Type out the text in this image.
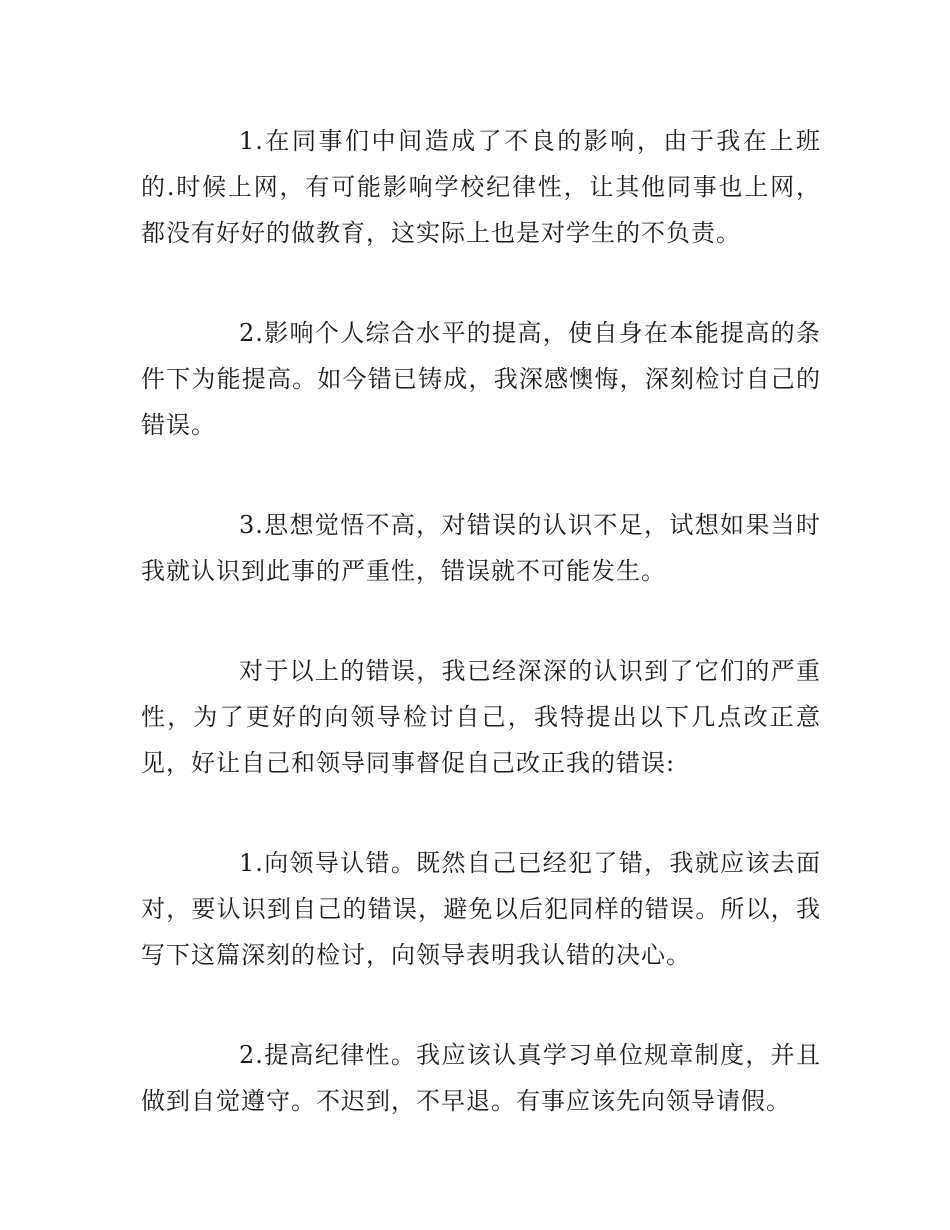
1.在同事们中间造成了不良的影响，由于我在上班的.时候上网，有可能影响学校纪律性，让其他同事也上网，都没有好好的做教育，这实际上也是对学生的不负责。

2.影响个人综合水平的提高，使自身在本能提高的条件下为能提高。如今错已铸成，我深感懊悔，深刻检讨自己的错误。

3.思想觉悟不高，对错误的认识不足，试想如果当时我就认识到此事的严重性，错误就不可能发生。

对于以上的错误，我已经深深的认识到了它们的严重性，为了更好的向领导检讨自己，我特提出以下几点改正意见，好让自己和领导同事督促自己改正我的错误:

1.向领导认错。既然自己已经犯了错，我就应该去面对，要认识到自己的错误，避免以后犯同样的错误。所以，我写下这篇深刻的检讨，向领导表明我认错的决心。

2.提高纪律性。我应该认真学习单位规章制度，并且做到自觉遵守。不迟到，不早退。有事应该先向领导请假。
